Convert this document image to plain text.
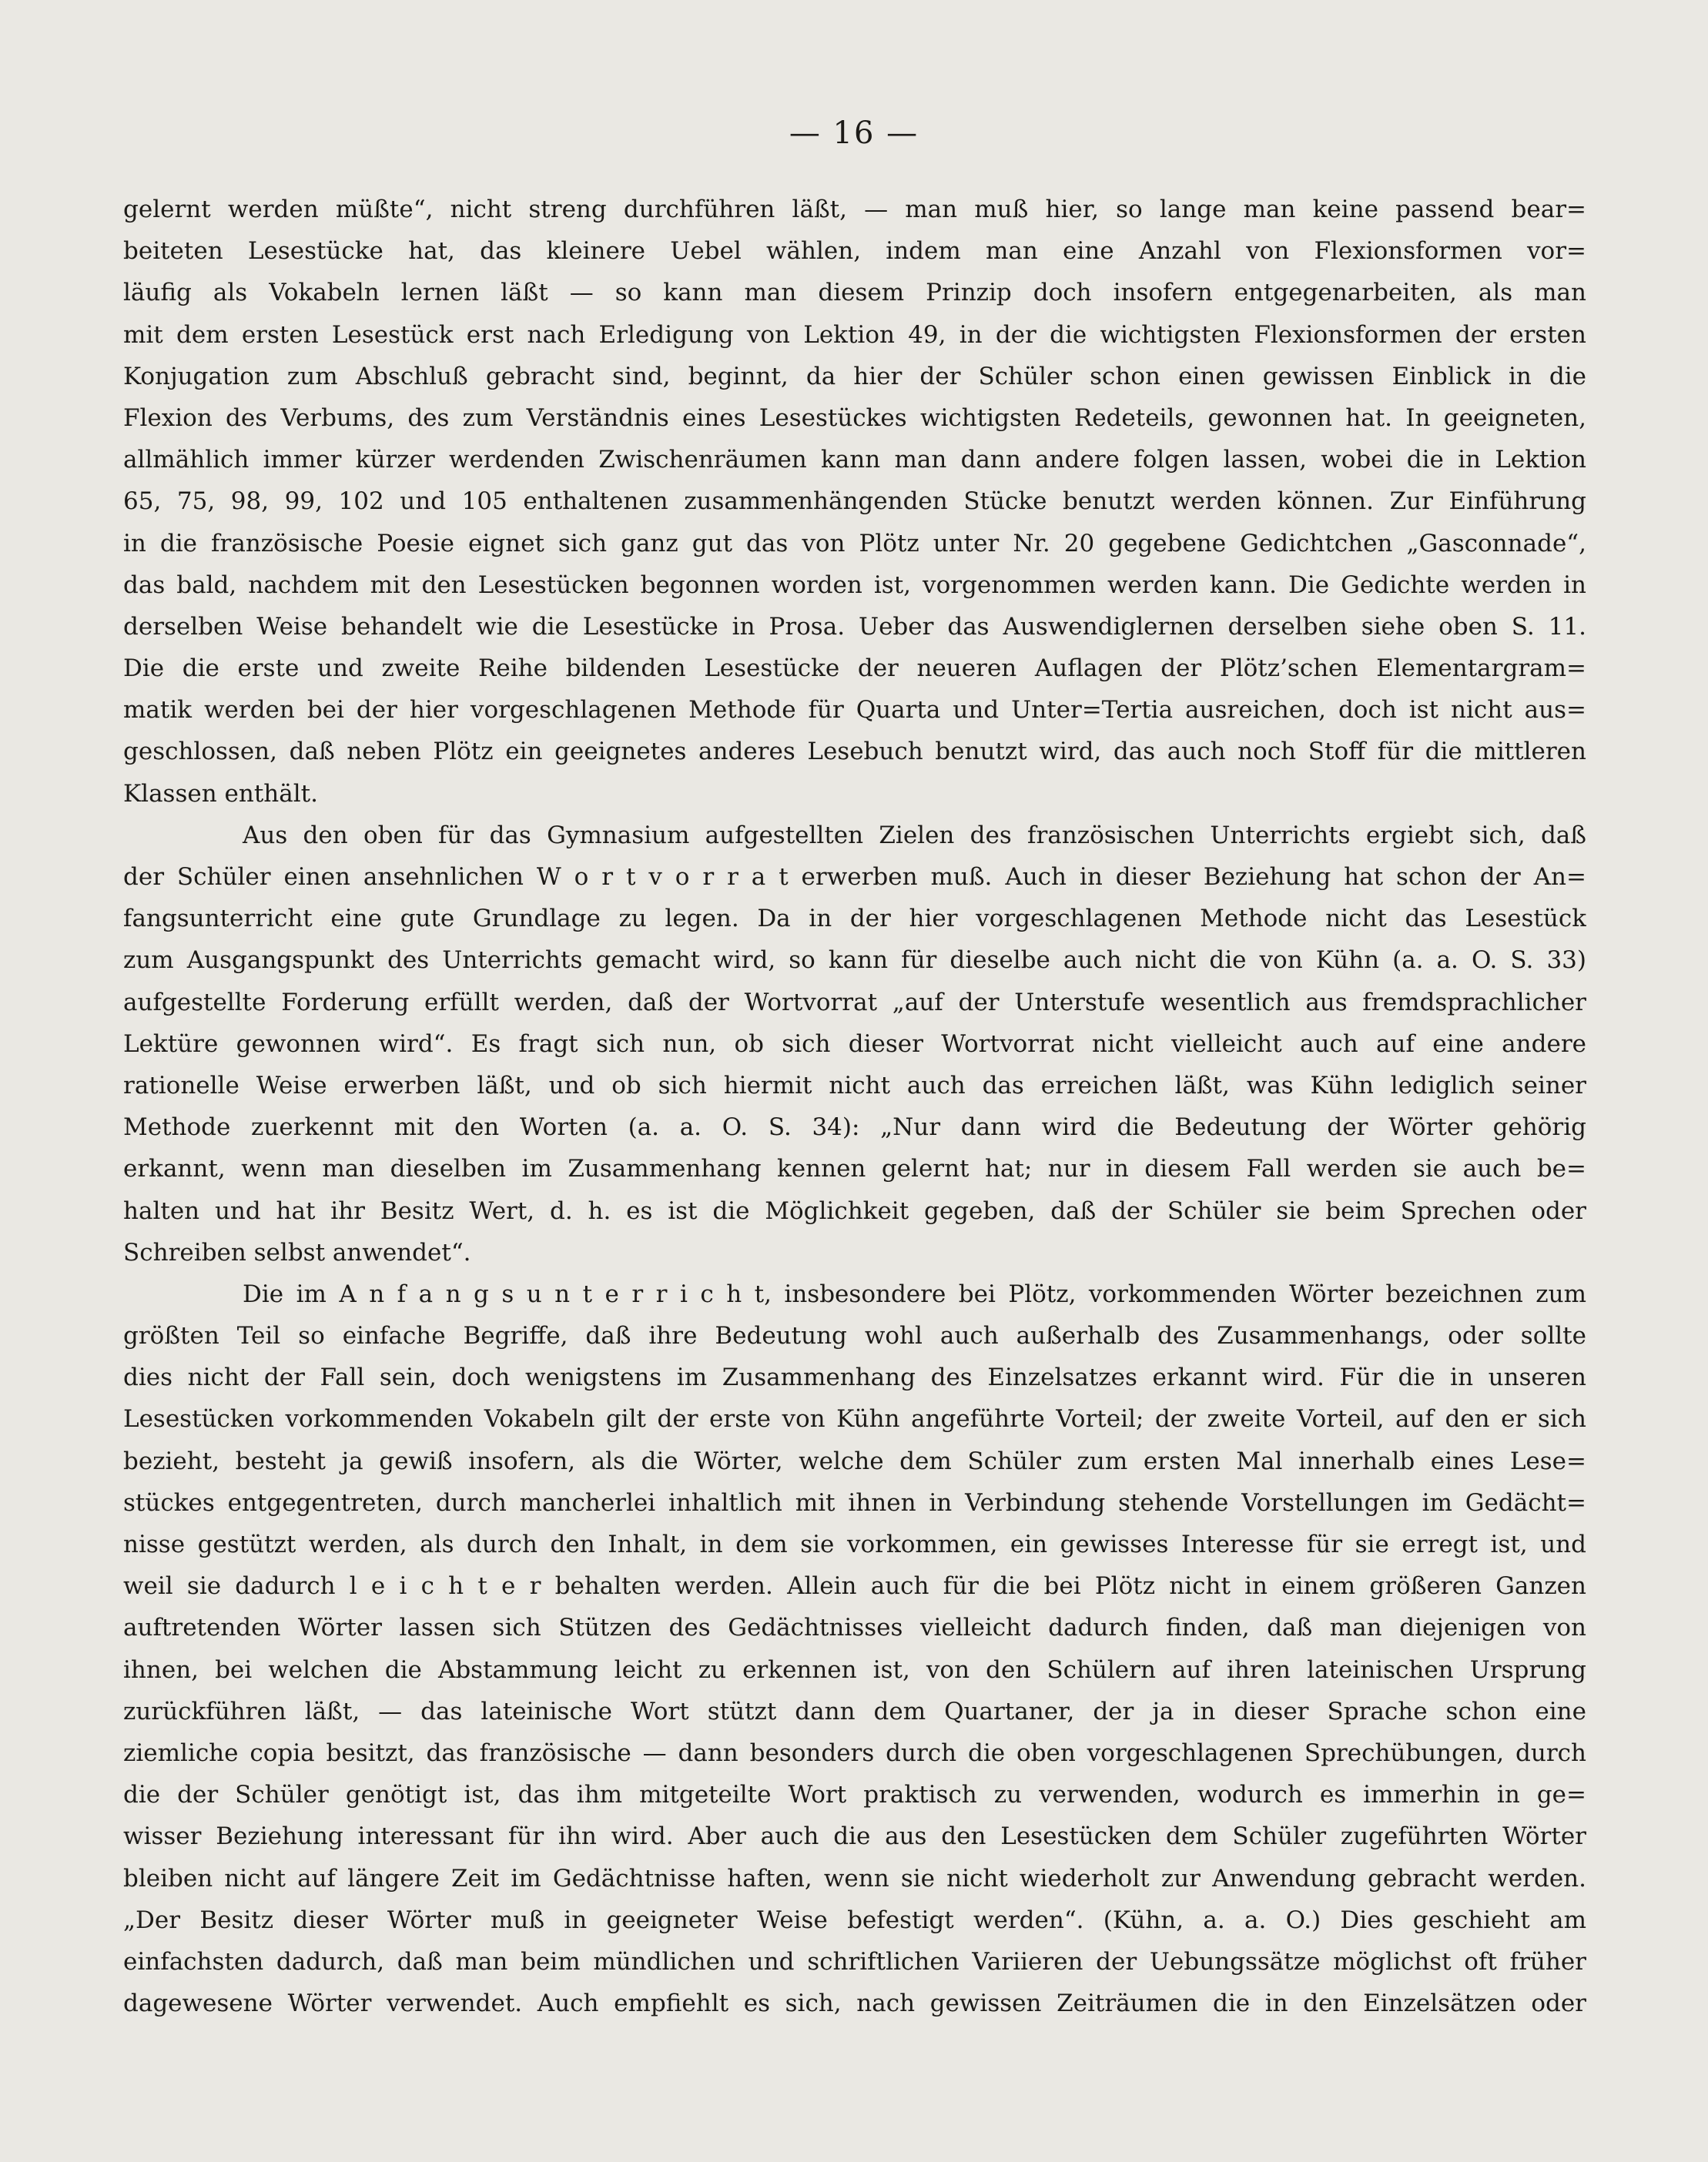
— 16 —
gelernt werden müßte“, nicht streng durchführen läßt, — man muß hier, so lange man keine passend bear=
beiteten Lesestücke hat, das kleinere Uebel wählen, indem man eine Anzahl von Flexionsformen vor=
läufig als Vokabeln lernen läßt — so kann man diesem Prinzip doch insofern entgegenarbeiten, als man
mit dem ersten Lesestück erst nach Erledigung von Lektion 49, in der die wichtigsten Flexionsformen der ersten
Konjugation zum Abschluß gebracht sind, beginnt, da hier der Schüler schon einen gewissen Einblick in die
Flexion des Verbums, des zum Verständnis eines Lesestückes wichtigsten Redeteils, gewonnen hat. In geeigneten,
allmählich immer kürzer werdenden Zwischenräumen kann man dann andere folgen lassen, wobei die in Lektion
65, 75, 98, 99, 102 und 105 enthaltenen zusammenhängenden Stücke benutzt werden können. Zur Einführung
in die französische Poesie eignet sich ganz gut das von Plötz unter Nr. 20 gegebene Gedichtchen „Gasconnade“,
das bald, nachdem mit den Lesestücken begonnen worden ist, vorgenommen werden kann. Die Gedichte werden in
derselben Weise behandelt wie die Lesestücke in Prosa. Ueber das Auswendiglernen derselben siehe oben S. 11.
Die die erste und zweite Reihe bildenden Lesestücke der neueren Auflagen der Plötz’schen Elementargram=
matik werden bei der hier vorgeschlagenen Methode für Quarta und Unter=Tertia ausreichen, doch ist nicht aus=
geschlossen, daß neben Plötz ein geeignetes anderes Lesebuch benutzt wird, das auch noch Stoff für die mittleren
Klassen enthält.
Aus den oben für das Gymnasium aufgestellten Zielen des französischen Unterrichts ergiebt sich, daß
der Schüler einen ansehnlichen W o r t v o r r a t erwerben muß. Auch in dieser Beziehung hat schon der An=
fangsunterricht eine gute Grundlage zu legen. Da in der hier vorgeschlagenen Methode nicht das Lesestück
zum Ausgangspunkt des Unterrichts gemacht wird, so kann für dieselbe auch nicht die von Kühn (a. a. O. S. 33)
aufgestellte Forderung erfüllt werden, daß der Wortvorrat „auf der Unterstufe wesentlich aus fremdsprachlicher
Lektüre gewonnen wird“. Es fragt sich nun, ob sich dieser Wortvorrat nicht vielleicht auch auf eine andere
rationelle Weise erwerben läßt, und ob sich hiermit nicht auch das erreichen läßt, was Kühn lediglich seiner
Methode zuerkennt mit den Worten (a. a. O. S. 34): „Nur dann wird die Bedeutung der Wörter gehörig
erkannt, wenn man dieselben im Zusammenhang kennen gelernt hat; nur in diesem Fall werden sie auch be=
halten und hat ihr Besitz Wert, d. h. es ist die Möglichkeit gegeben, daß der Schüler sie beim Sprechen oder
Schreiben selbst anwendet“.
Die im A n f a n g s u n t e r r i c h t, insbesondere bei Plötz, vorkommenden Wörter bezeichnen zum
größten Teil so einfache Begriffe, daß ihre Bedeutung wohl auch außerhalb des Zusammenhangs, oder sollte
dies nicht der Fall sein, doch wenigstens im Zusammenhang des Einzelsatzes erkannt wird. Für die in unseren
Lesestücken vorkommenden Vokabeln gilt der erste von Kühn angeführte Vorteil; der zweite Vorteil, auf den er sich
bezieht, besteht ja gewiß insofern, als die Wörter, welche dem Schüler zum ersten Mal innerhalb eines Lese=
stückes entgegentreten, durch mancherlei inhaltlich mit ihnen in Verbindung stehende Vorstellungen im Gedächt=
nisse gestützt werden, als durch den Inhalt, in dem sie vorkommen, ein gewisses Interesse für sie erregt ist, und
weil sie dadurch l e i c h t e r behalten werden. Allein auch für die bei Plötz nicht in einem größeren Ganzen
auftretenden Wörter lassen sich Stützen des Gedächtnisses vielleicht dadurch finden, daß man diejenigen von
ihnen, bei welchen die Abstammung leicht zu erkennen ist, von den Schülern auf ihren lateinischen Ursprung
zurückführen läßt, — das lateinische Wort stützt dann dem Quartaner, der ja in dieser Sprache schon eine
ziemliche copia besitzt, das französische — dann besonders durch die oben vorgeschlagenen Sprechübungen, durch
die der Schüler genötigt ist, das ihm mitgeteilte Wort praktisch zu verwenden, wodurch es immerhin in ge=
wisser Beziehung interessant für ihn wird. Aber auch die aus den Lesestücken dem Schüler zugeführten Wörter
bleiben nicht auf längere Zeit im Gedächtnisse haften, wenn sie nicht wiederholt zur Anwendung gebracht werden.
„Der Besitz dieser Wörter muß in geeigneter Weise befestigt werden“. (Kühn, a. a. O.) Dies geschieht am
einfachsten dadurch, daß man beim mündlichen und schriftlichen Variieren der Uebungssätze möglichst oft früher
dagewesene Wörter verwendet. Auch empfiehlt es sich, nach gewissen Zeiträumen die in den Einzelsätzen oder
